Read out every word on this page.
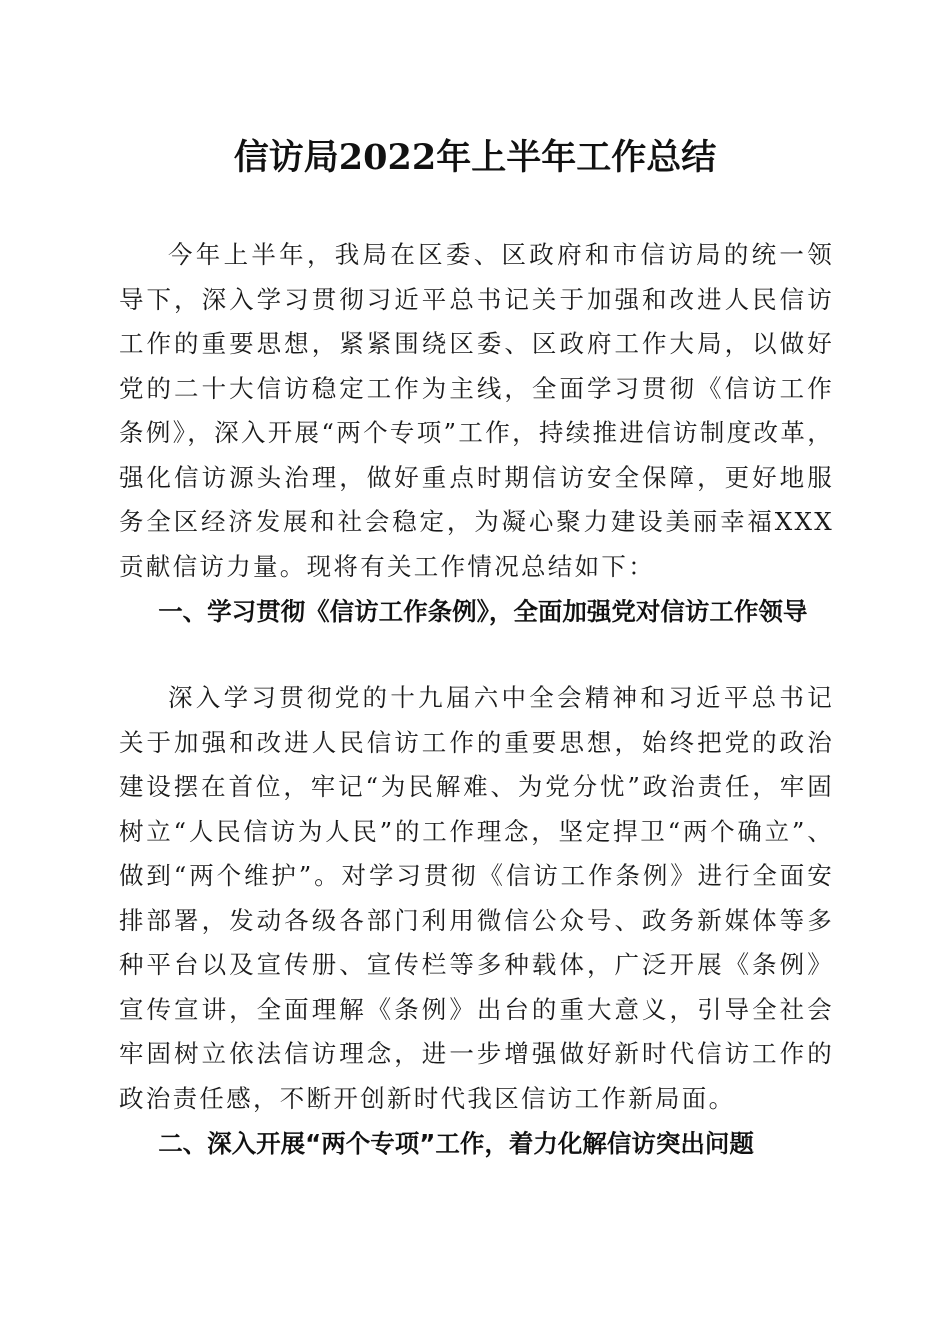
信访局2022年上半年工作总结

今年上半年，我局在区委、区政府和市信访局的统一领导下，深入学习贯彻习近平总书记关于加强和改进人民信访工作的重要思想，紧紧围绕区委、区政府工作大局，以做好党的二十大信访稳定工作为主线，全面学习贯彻《信访工作条例》，深入开展“两个专项”工作，持续推进信访制度改革，强化信访源头治理，做好重点时期信访安全保障，更好地服务全区经济发展和社会稳定，为凝心聚力建设美丽幸福XXX贡献信访力量。现将有关工作情况总结如下：

一、学习贯彻《信访工作条例》，全面加强党对信访工作领导

深入学习贯彻党的十九届六中全会精神和习近平总书记关于加强和改进人民信访工作的重要思想，始终把党的政治建设摆在首位，牢记“为民解难、为党分忧”政治责任，牢固树立“人民信访为人民”的工作理念，坚定捍卫“两个确立”、做到“两个维护”。对学习贯彻《信访工作条例》进行全面安排部署，发动各级各部门利用微信公众号、政务新媒体等多种平台以及宣传册、宣传栏等多种载体，广泛开展《条例》宣传宣讲，全面理解《条例》出台的重大意义，引导全社会牢固树立依法信访理念，进一步增强做好新时代信访工作的政治责任感，不断开创新时代我区信访工作新局面。

二、深入开展“两个专项”工作，着力化解信访突出问题
